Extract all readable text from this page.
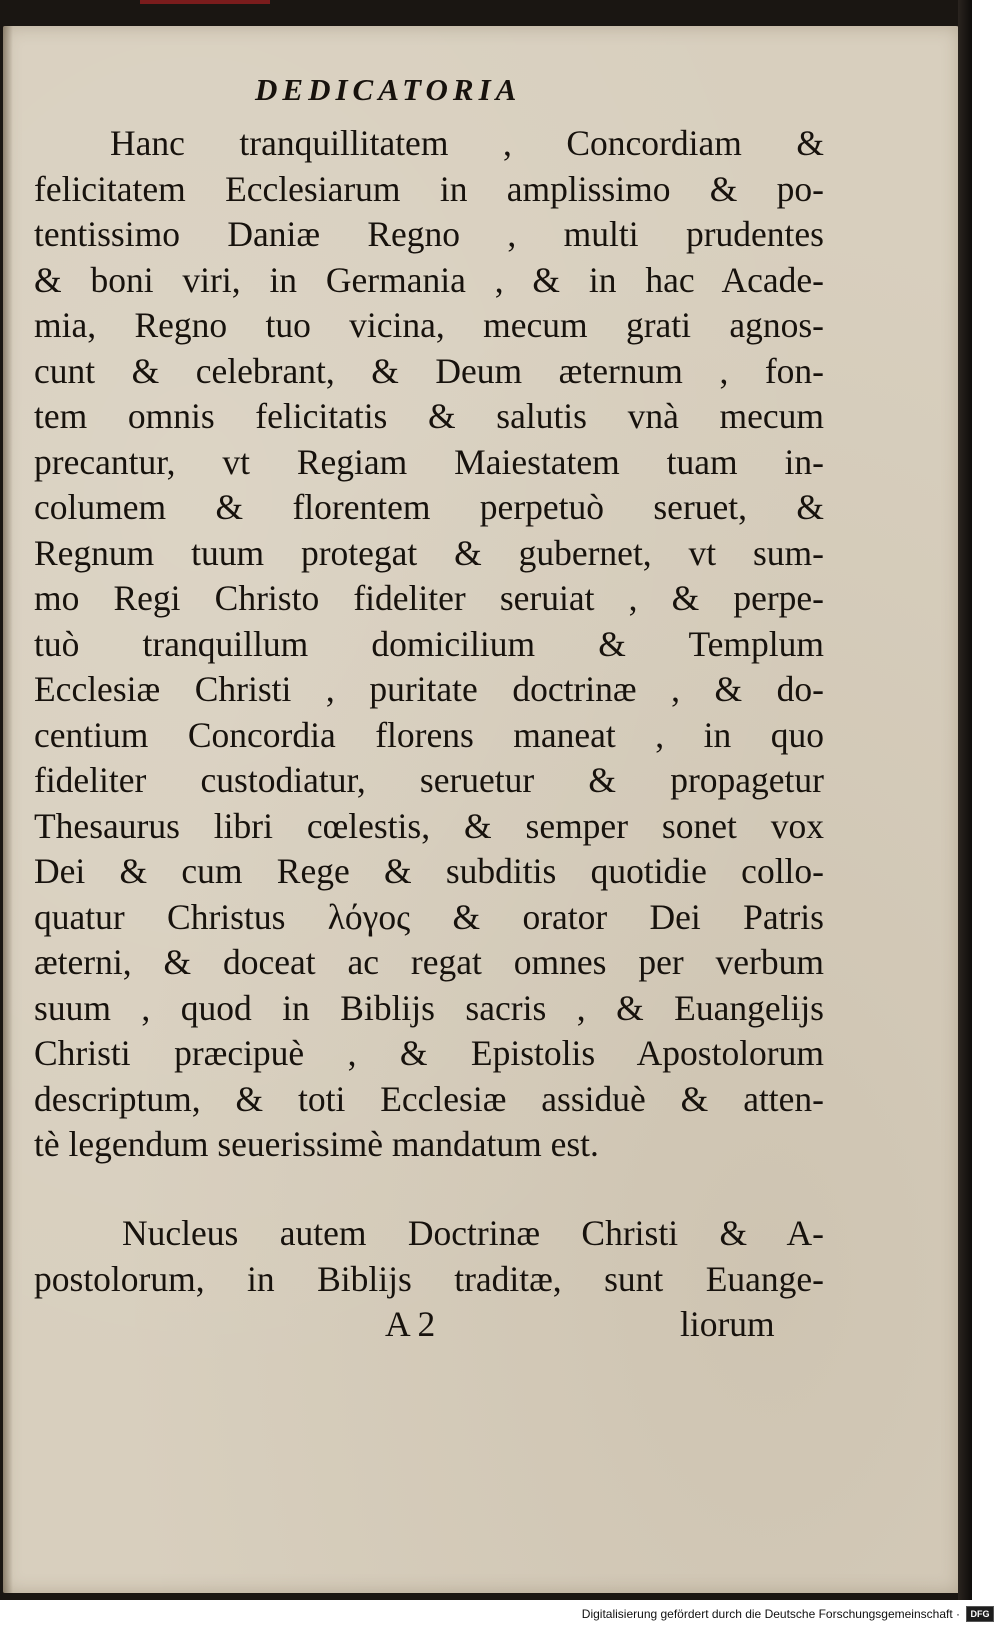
DEDICATORIA
Hanc tranquillitatem , Concordiam &
felicitatem Ecclesiarum in amplissimo & po-
tentissimo Daniæ Regno , multi prudentes
& boni viri, in Germania , & in hac Acade-
mia, Regno tuo vicina, mecum grati agnos-
cunt & celebrant, & Deum æternum , fon-
tem omnis felicitatis & salutis vnà mecum
precantur, vt Regiam Maiestatem tuam in-
columem & florentem perpetuò seruet, &
Regnum tuum protegat & gubernet, vt sum-
mo Regi Christo fideliter seruiat , & perpe-
tuò tranquillum domicilium & Templum
Ecclesiæ Christi , puritate doctrinæ , & do-
centium Concordia florens maneat , in quo
fideliter custodiatur, seruetur & propagetur
Thesaurus libri cœlestis, & semper sonet vox
Dei & cum Rege & subditis quotidie collo-
quatur Christus λόγος & orator Dei Patris
æterni, & doceat ac regat omnes per verbum
suum , quod in Biblijs sacris , & Euangelijs
Christi præcipuè , & Epistolis Apostolorum
descriptum, & toti Ecclesiæ assiduè & atten-
tè legendum seuerissimè mandatum est.
Nucleus autem Doctrinæ Christi & A-
postolorum, in Biblijs traditæ, sunt Euange-
A 2	liorum
Digitalisierung gefördert durch die Deutsche Forschungsgemeinschaft ·	DFG
